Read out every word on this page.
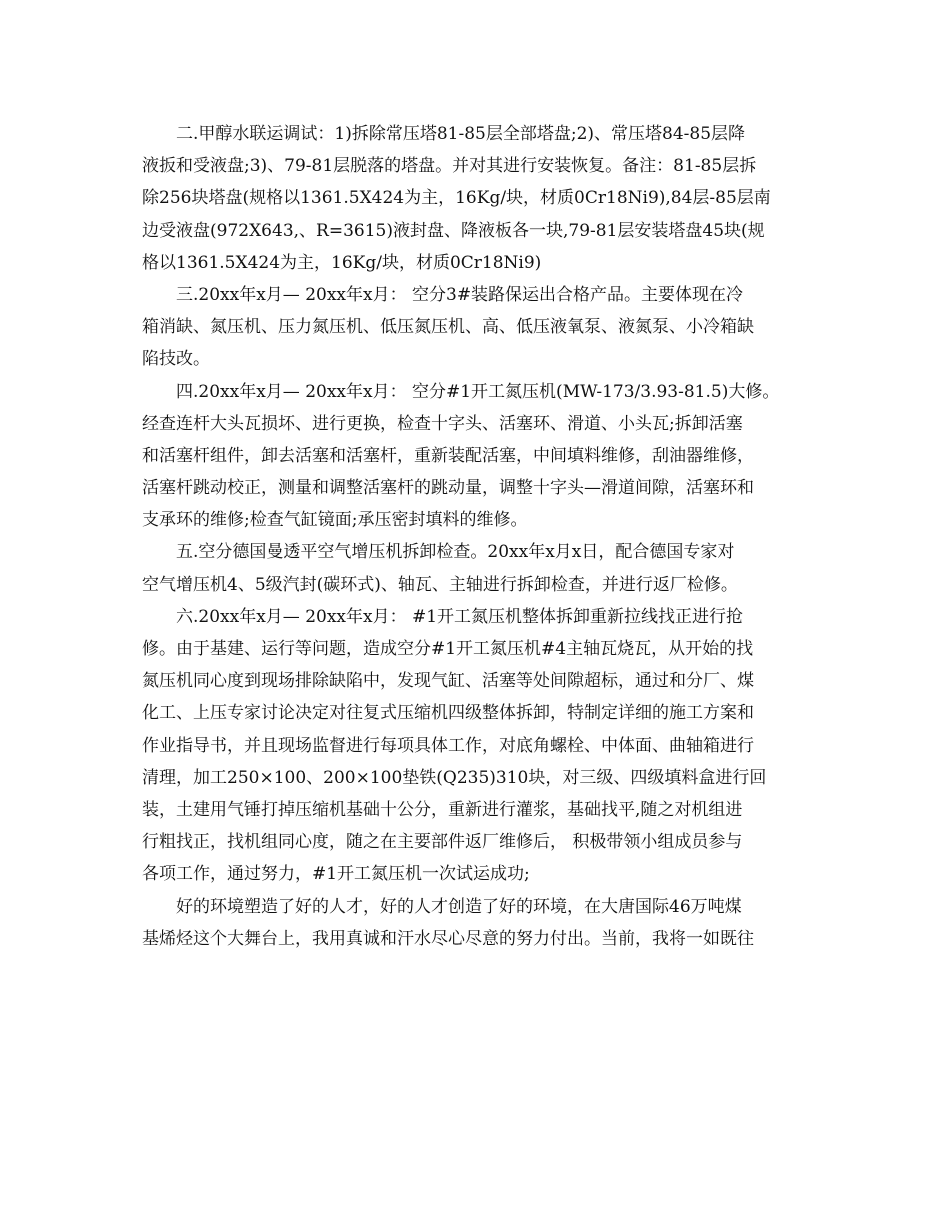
二.甲醇水联运调试：1)拆除常压塔81-85层全部塔盘;2)、常压塔84-85层降
液扳和受液盘;3)、79-81层脱落的塔盘。并对其进行安装恢复。备注：81-85层拆
除256块塔盘(规格以1361.5X424为主，16Kg/块，材质0Cr18Ni9),84层-85层南
边受液盘(972X643,、R=3615)液封盘、降液板各一块,79-81层安装塔盘45块(规
格以1361.5X424为主，16Kg/块，材质0Cr18Ni9)
三.20xx年x月— 20xx年x月： 空分3#装路保运出合格产品。主要体现在冷
箱消缺、氮压机、压力氮压机、低压氮压机、高、低压液氧泵、液氮泵、小冷箱缺
陷技改。
四.20xx年x月— 20xx年x月： 空分#1开工氮压机(MW-173/3.93-81.5)大修。
经查连杆大头瓦损坏、进行更换，检查十字头、活塞环、滑道、小头瓦;拆卸活塞
和活塞杆组件，卸去活塞和活塞杆，重新装配活塞，中间填料维修，刮油器维修，
活塞杆跳动校正，测量和调整活塞杆的跳动量，调整十字头—滑道间隙，活塞环和
支承环的维修;检查气缸镜面;承压密封填料的维修。
五.空分德国曼透平空气增压机拆卸检查。20xx年x月x日，配合德国专家对
空气增压机4、5级汽封(碳环式)、轴瓦、主轴进行拆卸检查，并进行返厂检修。
六.20xx年x月— 20xx年x月： #1开工氮压机整体拆卸重新拉线找正进行抢
修。由于基建、运行等问题，造成空分#1开工氮压机#4主轴瓦烧瓦，从开始的找
氮压机同心度到现场排除缺陷中，发现气缸、活塞等处间隙超标，通过和分厂、煤
化工、上压专家讨论决定对往复式压缩机四级整体拆卸，特制定详细的施工方案和
作业指导书，并且现场监督进行每项具体工作，对底角螺栓、中体面、曲轴箱进行
清理，加工250×100、200×100垫铁(Q235)310块，对三级、四级填料盒进行回
装，土建用气锤打掉压缩机基础十公分，重新进行灌浆，基础找平,随之对机组进
行粗找正，找机组同心度，随之在主要部件返厂维修后， 积极带领小组成员参与
各项工作，通过努力，#1开工氮压机一次试运成功;
好的环境塑造了好的人才，好的人才创造了好的环境，在大唐国际46万吨煤
基烯烃这个大舞台上，我用真诚和汗水尽心尽意的努力付出。当前，我将一如既往
